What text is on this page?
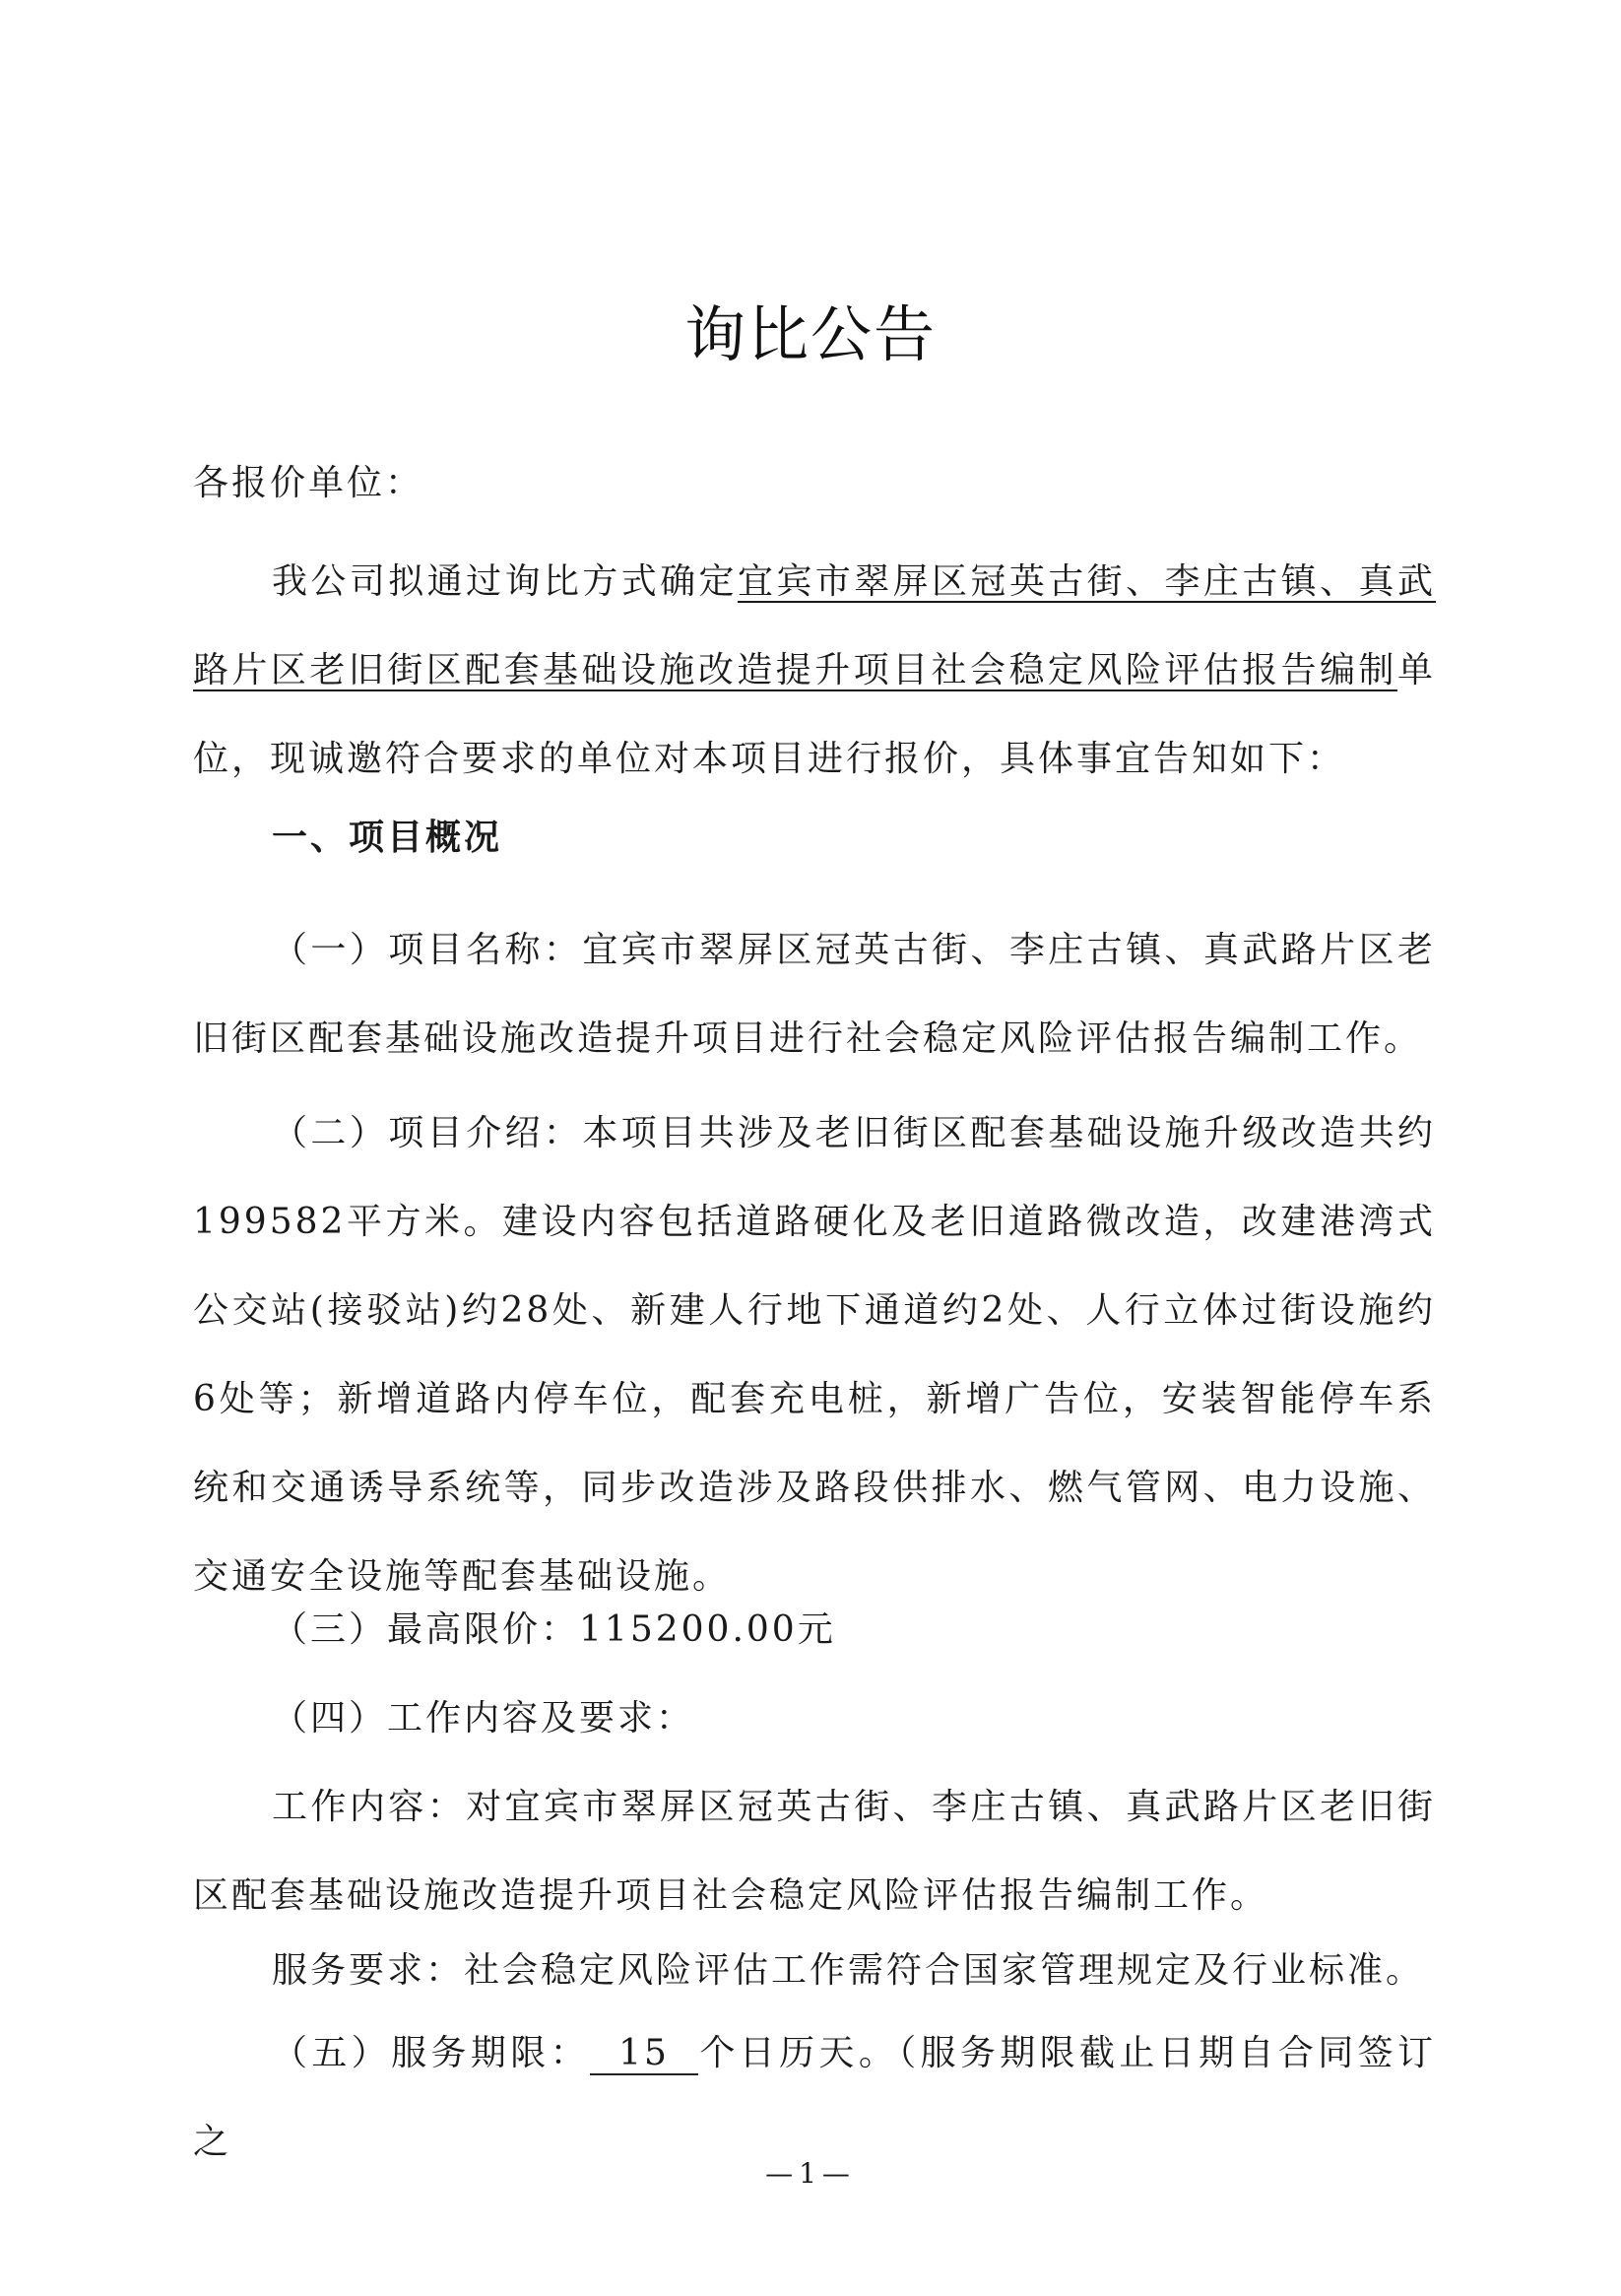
询比公告
各报价单位：
我公司拟通过询比方式确定宜宾市翠屏区冠英古街、李庄古镇、真武路片区老旧街区配套基础设施改造提升项目社会稳定风险评估报告编制单位，现诚邀符合要求的单位对本项目进行报价，具体事宜告知如下：
一、项目概况
（一）项目名称：宜宾市翠屏区冠英古街、李庄古镇、真武路片区老旧街区配套基础设施改造提升项目进行社会稳定风险评估报告编制工作。
（二）项目介绍：本项目共涉及老旧街区配套基础设施升级改造共约199582平方米。建设内容包括道路硬化及老旧道路微改造，改建港湾式公交站(接驳站)约28处、新建人行地下通道约2处、人行立体过街设施约6处等；新增道路内停车位，配套充电桩，新增广告位，安装智能停车系统和交通诱导系统等，同步改造涉及路段供排水、燃气管网、电力设施、交通安全设施等配套基础设施。
（三）最高限价：115200.00元
（四）工作内容及要求：
工作内容：对宜宾市翠屏区冠英古街、李庄古镇、真武路片区老旧街区配套基础设施改造提升项目社会稳定风险评估报告编制工作。
服务要求：社会稳定风险评估工作需符合国家管理规定及行业标准。
（五）服务期限： 15 个日历天。（服务期限截止日期自合同签订之
—1—
